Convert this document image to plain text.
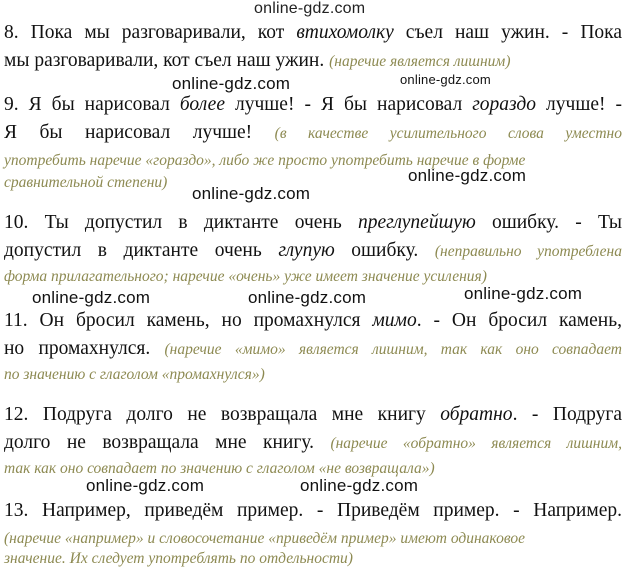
online-gdz.com
8. Пока мы разговаривали, кот втихомолку съел наш ужин. - Пока
мы разговаривали, кот съел наш ужин. (наречие является лишним)
online-gdz.com
online-gdz.com
9. Я бы нарисовал более лучше! - Я бы нарисовал гораздо лучше! -
Я бы нарисовал лучше! (в качестве усилительного слова уместно
употребить наречие «гораздо», либо же просто употребить наречие в форме
сравнительной степени)	online-gdz.com
online-gdz.com
10. Ты допустил в диктанте очень преглупейшую ошибку. - Ты
допустил в диктанте очень глупую ошибку. (неправильно употреблена
форма прилагательного; наречие «очень» уже имеет значение усиления)
online-gdz.com
online-gdz.com	online-gdz.com
11. Он бросил камень, но промахнулся мимо. - Он бросил камень,
но промахнулся. (наречие «мимо» является лишним, так как оно совпадает
по значению с глаголом «промахнулся»)
12. Подруга долго не возвращала мне книгу обратно. - Подруга
долго не возвращала мне книгу. (наречие «обратно» является лишним,
так как оно совпадает по значению с глаголом «не возвращала»)
online-gdz.com	online-gdz.com
13. Например, приведём пример. - Приведём пример. - Например.
(наречие «например» и словосочетание «приведём пример» имеют одинаковое
значение. Их следует употреблять по отдельности)
